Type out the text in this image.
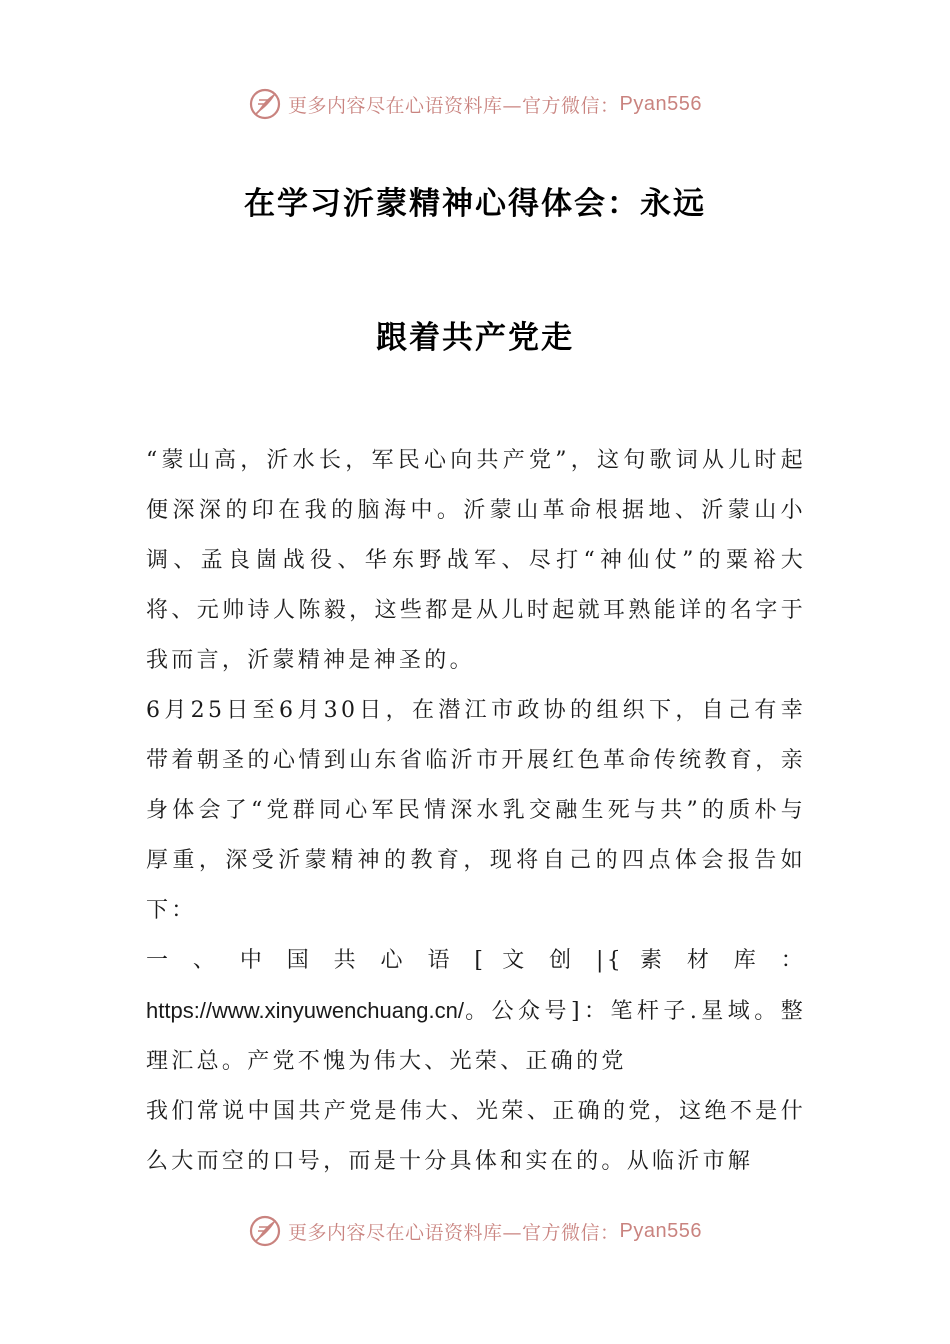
更多内容尽在心语资料库—官方微信： Pyan556
在学习沂蒙精神心得体会：永远
跟着共产党走

“蒙山高，沂水长，军民心向共产党”，这句歌词从儿时起便深深的印在我的脑海中。沂蒙山革命根据地、沂蒙山小调、孟良崮战役、华东野战军、尽打“神仙仗”的粟裕大将、元帅诗人陈毅，这些都是从儿时起就耳熟能详的名字于我而言，沂蒙精神是神圣的。

6月25日至6月30日，在潜江市政协的组织下，自己有幸带着朝圣的心情到山东省临沂市开展红色革命传统教育，亲身体会了“党群同心军民情深水乳交融生死与共”的质朴与厚重，深受沂蒙精神的教育，现将自己的四点体会报告如下：

一 、 中 国 共 心 语 [ 文 创 |{ 素 材 库 ： https://www.xinyuwenchuang.cn/。公众号]：笔杆子.星域。整理汇总。产党不愧为伟大、光荣、正确的党

我们常说中国共产党是伟大、光荣、正确的党，这绝不是什么大而空的口号，而是十分具体和实在的。从临沂市解

更多内容尽在心语资料库—官方微信： Pyan556
